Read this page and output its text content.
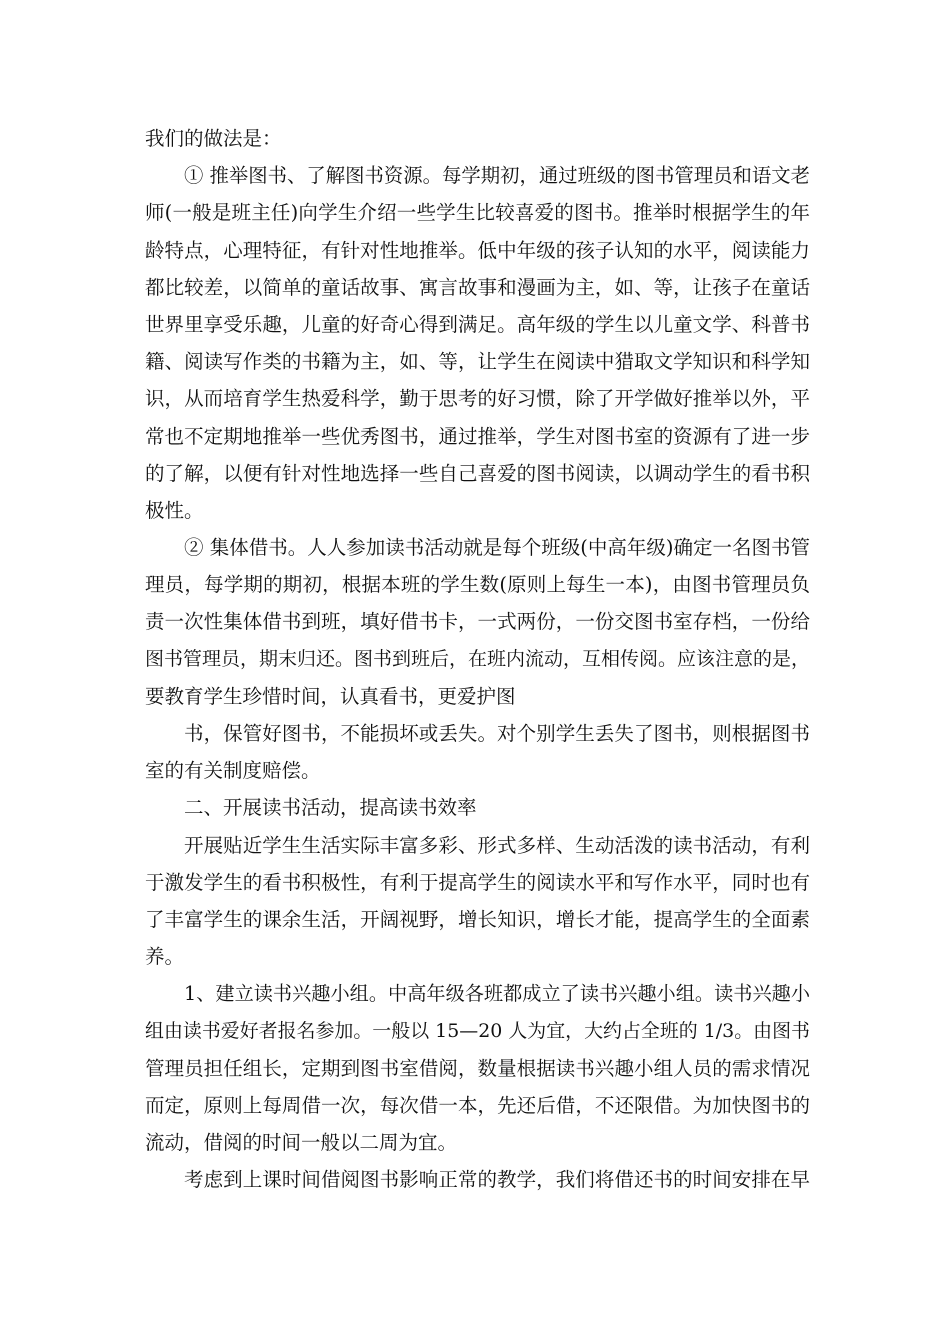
我们的做法是：
① 推举图书、了解图书资源。每学期初，通过班级的图书管理员和语文老
师(一般是班主任)向学生介绍一些学生比较喜爱的图书。推举时根据学生的年
龄特点，心理特征，有针对性地推举。低中年级的孩子认知的水平，阅读能力
都比较差，以简单的童话故事、寓言故事和漫画为主，如、等，让孩子在童话
世界里享受乐趣，儿童的好奇心得到满足。高年级的学生以儿童文学、科普书
籍、阅读写作类的书籍为主，如、等，让学生在阅读中猎取文学知识和科学知
识，从而培育学生热爱科学，勤于思考的好习惯，除了开学做好推举以外，平
常也不定期地推举一些优秀图书，通过推举，学生对图书室的资源有了进一步
的了解，以便有针对性地选择一些自己喜爱的图书阅读，以调动学生的看书积
极性。
② 集体借书。人人参加读书活动就是每个班级(中高年级)确定一名图书管
理员，每学期的期初，根据本班的学生数(原则上每生一本)，由图书管理员负
责一次性集体借书到班，填好借书卡，一式两份，一份交图书室存档，一份给
图书管理员，期末归还。图书到班后，在班内流动，互相传阅。应该注意的是，
要教育学生珍惜时间，认真看书，更爱护图
书，保管好图书，不能损坏或丢失。对个别学生丢失了图书，则根据图书
室的有关制度赔偿。
二、开展读书活动，提高读书效率
开展贴近学生生活实际丰富多彩、形式多样、生动活泼的读书活动，有利
于激发学生的看书积极性，有利于提高学生的阅读水平和写作水平，同时也有
了丰富学生的课余生活，开阔视野，增长知识，增长才能，提高学生的全面素
养。
1、建立读书兴趣小组。中高年级各班都成立了读书兴趣小组。读书兴趣小
组由读书爱好者报名参加。一般以 15—20 人为宜，大约占全班的 1/3。由图书
管理员担任组长，定期到图书室借阅，数量根据读书兴趣小组人员的需求情况
而定，原则上每周借一次，每次借一本，先还后借，不还限借。为加快图书的
流动，借阅的时间一般以二周为宜。
考虑到上课时间借阅图书影响正常的教学，我们将借还书的时间安排在早
